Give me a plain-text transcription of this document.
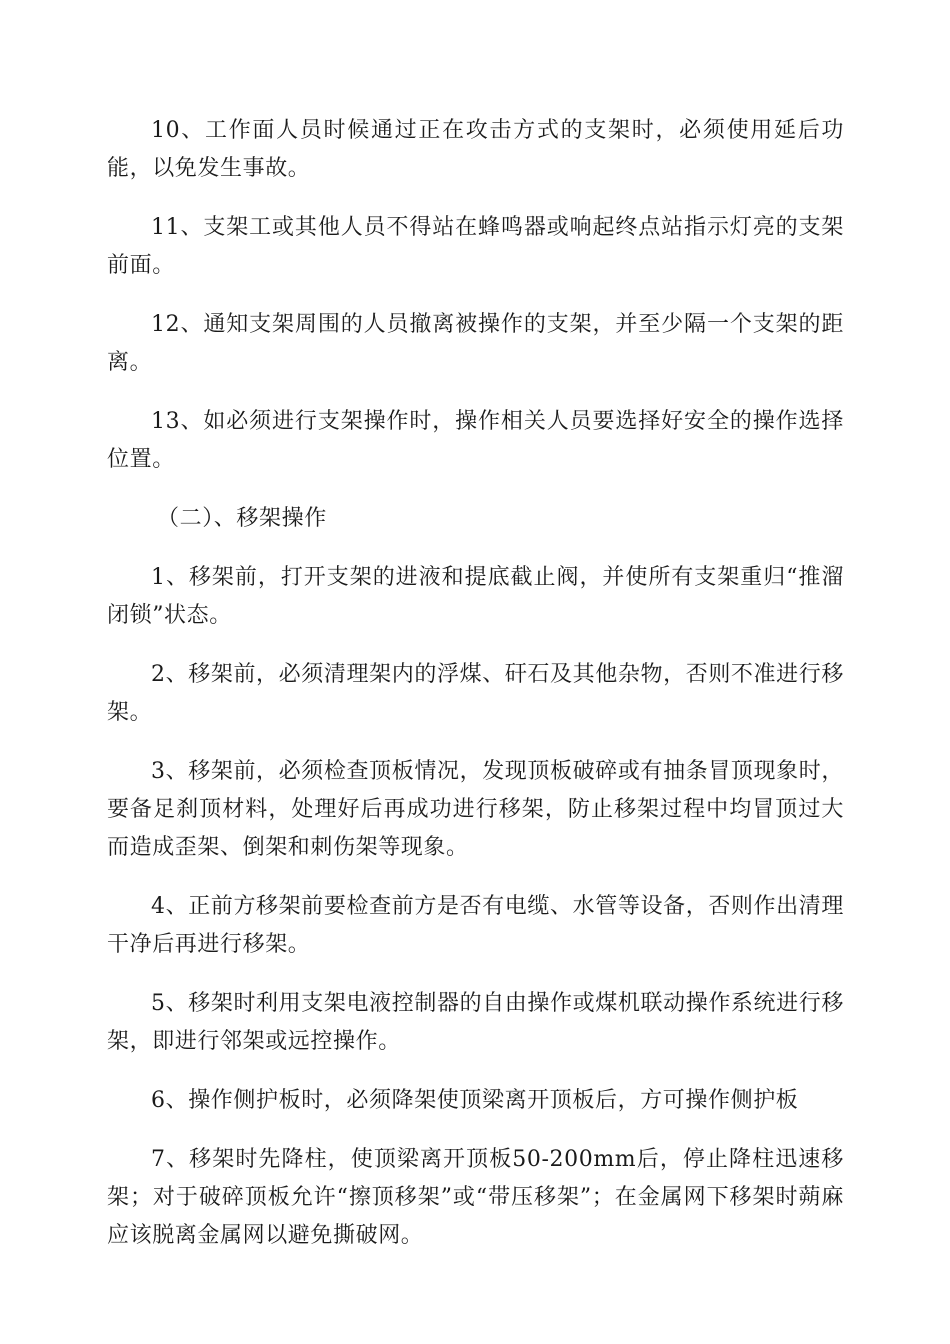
10、工作面人员时候通过正在攻击方式的支架时，必须使用延后功能，以免发生事故。

11、支架工或其他人员不得站在蜂鸣器或响起终点站指示灯亮的支架前面。

12、通知支架周围的人员撤离被操作的支架，并至少隔一个支架的距离。

13、如必须进行支架操作时，操作相关人员要选择好安全的操作选择位置。

（二）、移架操作

1、移架前，打开支架的进液和提底截止阀，并使所有支架重归“推溜闭锁”状态。

2、移架前，必须清理架内的浮煤、矸石及其他杂物，否则不准进行移架。

3、移架前，必须检查顶板情况，发现顶板破碎或有抽条冒顶现象时，要备足刹顶材料，处理好后再成功进行移架，防止移架过程中均冒顶过大而造成歪架、倒架和刺伤架等现象。

4、正前方移架前要检查前方是否有电缆、水管等设备，否则作出清理干净后再进行移架。

5、移架时利用支架电液控制器的自由操作或煤机联动操作系统进行移架，即进行邻架或远控操作。

6、操作侧护板时，必须降架使顶梁离开顶板后，方可操作侧护板

7、移架时先降柱，使顶梁离开顶板50-200mm后，停止降柱迅速移架；对于破碎顶板允许“擦顶移架”或“带压移架”；在金属网下移架时蒴麻应该脱离金属网以避免撕破网。
